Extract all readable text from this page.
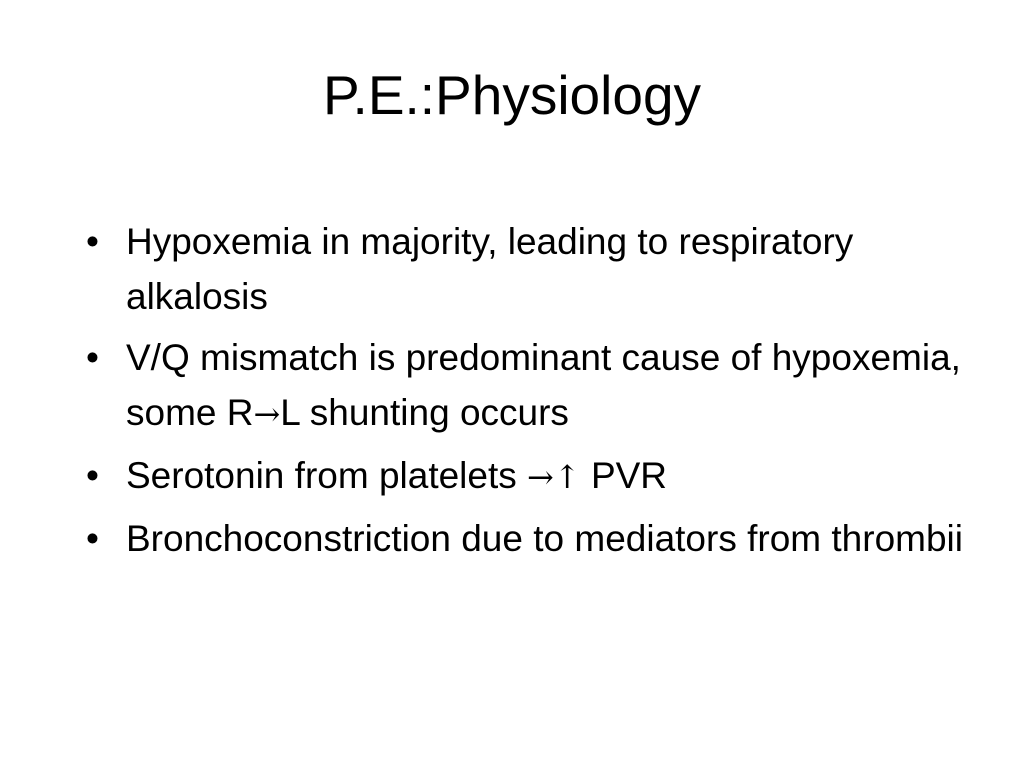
P.E.:Physiology
• Hypoxemia in majority, leading to respiratory alkalosis
• V/Q mismatch is predominant cause of hypoxemia, some R→L shunting occurs
• Serotonin from platelets →↑ PVR
• Bronchoconstriction due to mediators from thrombii
